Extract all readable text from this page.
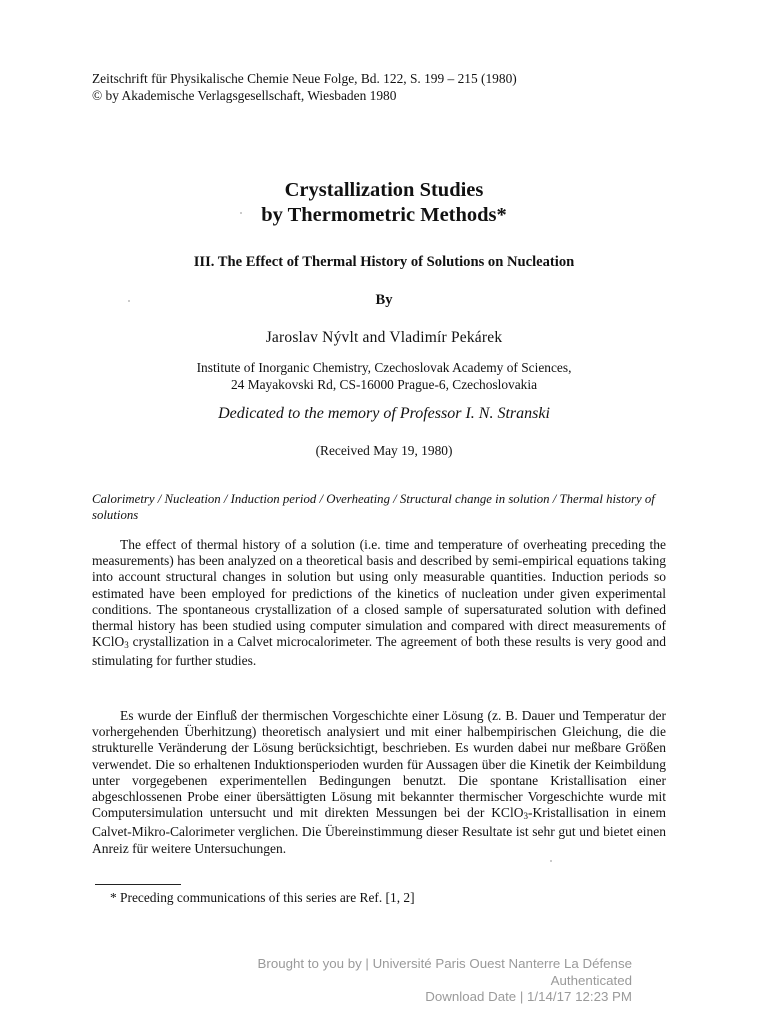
Zeitschrift für Physikalische Chemie Neue Folge, Bd. 122, S. 199 – 215 (1980)
© by Akademische Verlagsgesellschaft, Wiesbaden 1980
Crystallization Studies
by Thermometric Methods*
III. The Effect of Thermal History of Solutions on Nucleation
By
Jaroslav Nývlt and Vladimír Pekárek
Institute of Inorganic Chemistry, Czechoslovak Academy of Sciences,
24 Mayakovski Rd, CS-16000 Prague-6, Czechoslovakia
Dedicated to the memory of Professor I. N. Stranski
(Received May 19, 1980)
Calorimetry / Nucleation / Induction period / Overheating / Structural change in solution / Thermal history of solutions

The effect of thermal history of a solution (i.e. time and temperature of overheating preceding the measurements) has been analyzed on a theoretical basis and described by semi-empirical equations taking into account structural changes in solution but using only measurable quantities. Induction periods so estimated have been employed for predictions of the kinetics of nucleation under given experimental conditions. The spontaneous crystallization of a closed sample of supersaturated solution with defined thermal history has been studied using computer simulation and compared with direct measurements of KClO$_3$ crystallization in a Calvet microcalorimeter. The agreement of both these results is very good and stimulating for further studies.

Es wurde der Einfluß der thermischen Vorgeschichte einer Lösung (z. B. Dauer und Temperatur der vorhergehenden Überhitzung) theoretisch analysiert und mit einer halbempirischen Gleichung, die die strukturelle Veränderung der Lösung berücksichtigt, beschrieben. Es wurden dabei nur meßbare Größen verwendet. Die so erhaltenen Induktionsperioden wurden für Aussagen über die Kinetik der Keimbildung unter vorgegebenen experimentellen Bedingungen benutzt. Die spontane Kristallisation einer abgeschlossenen Probe einer übersättigten Lösung mit bekannter thermischer Vorgeschichte wurde mit Computersimulation untersucht und mit direkten Messungen bei der KClO$_3$-Kristallisation in einem Calvet-Mikro-Calorimeter verglichen. Die Übereinstimmung dieser Resultate ist sehr gut und bietet einen Anreiz für weitere Untersuchungen.

* Preceding communications of this series are Ref. [1, 2]
Brought to you by | Université Paris Ouest Nanterre La Défense
Authenticated
Download Date | 1/14/17 12:23 PM
